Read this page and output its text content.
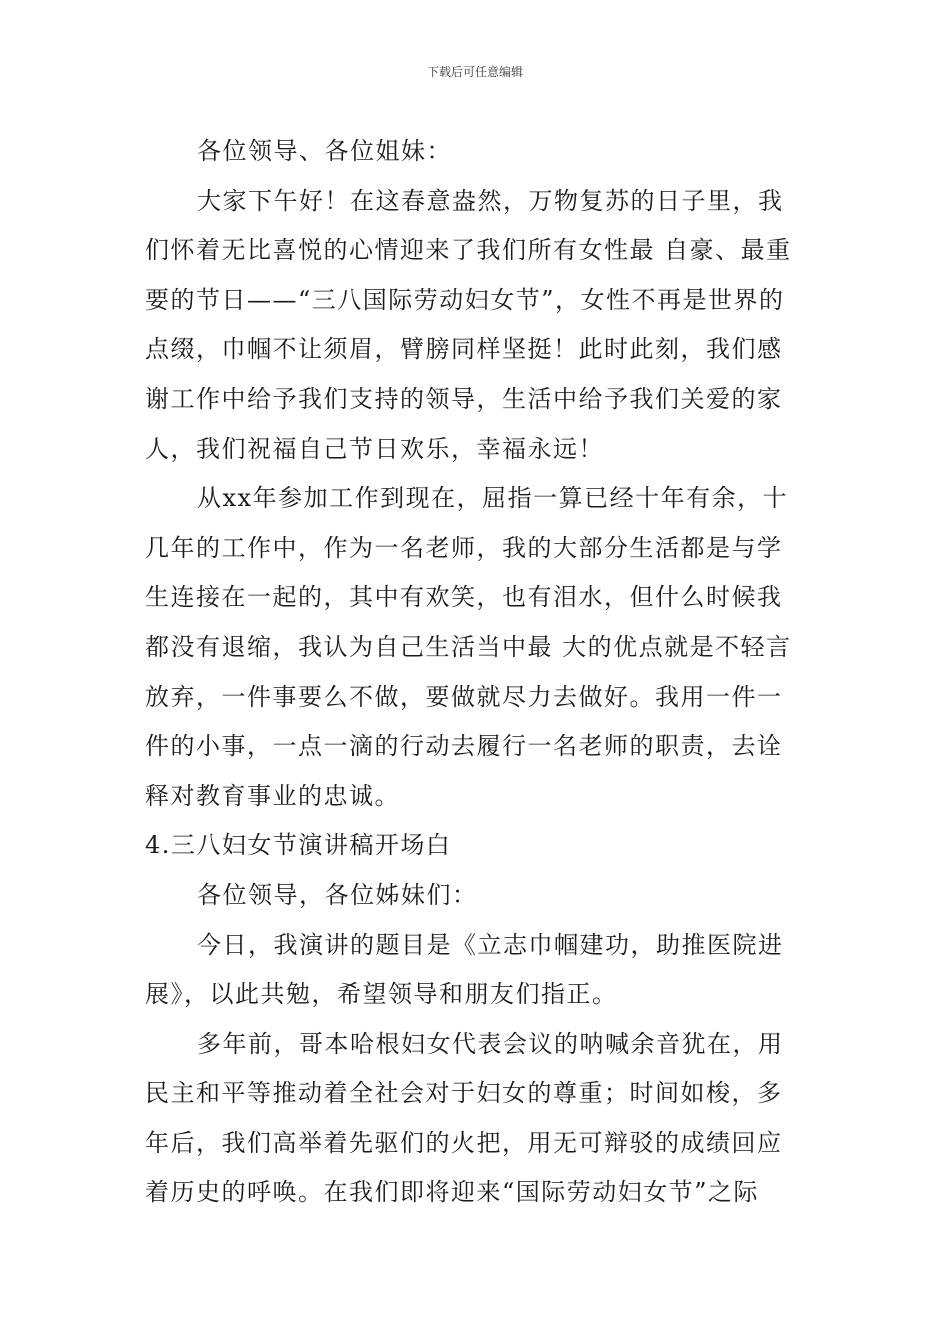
下载后可任意编辑

各位领导、各位姐妹：

大家下午好！在这春意盎然，万物复苏的日子里，我们怀着无比喜悦的心情迎来了我们所有女性最 自豪、最重要的节日——“三八国际劳动妇女节”，女性不再是世界的点缀，巾帼不让须眉，臂膀同样坚挺！此时此刻，我们感谢工作中给予我们支持的领导，生活中给予我们关爱的家人，我们祝福自己节日欢乐，幸福永远！

从xx年参加工作到现在，屈指一算已经十年有余，十几年的工作中，作为一名老师，我的大部分生活都是与学生连接在一起的，其中有欢笑，也有泪水，但什么时候我都没有退缩，我认为自己生活当中最 大的优点就是不轻言放弃，一件事要么不做，要做就尽力去做好。我用一件一件的小事，一点一滴的行动去履行一名老师的职责，去诠释对教育事业的忠诚。

4.三八妇女节演讲稿开场白

各位领导，各位姊妹们：

今日，我演讲的题目是《立志巾帼建功，助推医院进展》，以此共勉，希望领导和朋友们指正。

多年前，哥本哈根妇女代表会议的呐喊余音犹在，用民主和平等推动着全社会对于妇女的尊重；时间如梭，多年后，我们高举着先驱们的火把，用无可辩驳的成绩回应着历史的呼唤。在我们即将迎来“国际劳动妇女节”之际
